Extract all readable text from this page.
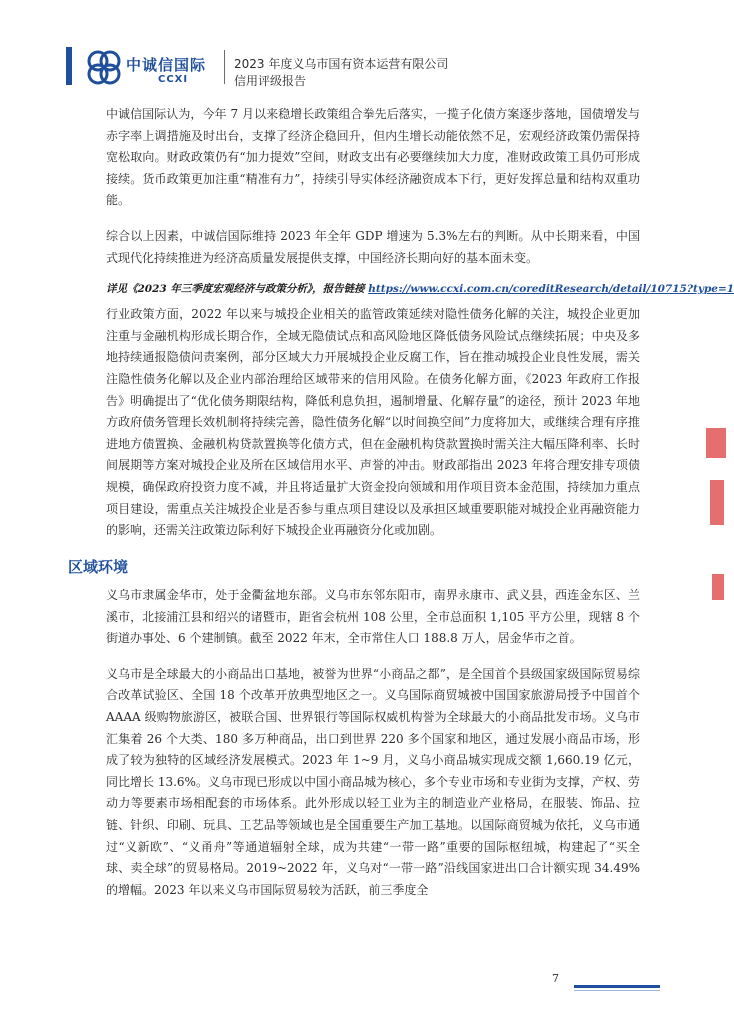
中诚信国际
CCXI
2023 年度义乌市国有资本运营有限公司
信用评级报告

中诚信国际认为，今年 7 月以来稳增长政策组合拳先后落实，一揽子化债方案逐步落地，国债增发与赤字率上调措施及时出台，支撑了经济企稳回升，但内生增长动能依然不足，宏观经济政策仍需保持宽松取向。财政政策仍有“加力提效”空间，财政支出有必要继续加大力度，准财政政策工具仍可形成接续。货币政策更加注重“精准有力”，持续引导实体经济融资成本下行，更好发挥总量和结构双重功能。

综合以上因素，中诚信国际维持 2023 年全年 GDP 增速为 5.3%左右的判断。从中长期来看，中国式现代化持续推进为经济高质量发展提供支撑，中国经济长期向好的基本面未变。

详见《2023 年三季度宏观经济与政策分析》，报告链接 https://www.ccxi.com.cn/coreditResearch/detail/10715?type=1

行业政策方面，2022 年以来与城投企业相关的监管政策延续对隐性债务化解的关注，城投企业更加注重与金融机构形成长期合作，全域无隐债试点和高风险地区降低债务风险试点继续拓展；中央及多地持续通报隐债问责案例，部分区域大力开展城投企业反腐工作，旨在推动城投企业良性发展，需关注隐性债务化解以及企业内部治理给区域带来的信用风险。在债务化解方面，《2023 年政府工作报告》明确提出了“优化债务期限结构，降低利息负担，遏制增量、化解存量”的途径，预计 2023 年地方政府债务管理长效机制将持续完善，隐性债务化解“以时间换空间”力度将加大，或继续合理有序推进地方债置换、金融机构贷款置换等化债方式，但在金融机构贷款置换时需关注大幅压降利率、长时间展期等方案对城投企业及所在区域信用水平、声誉的冲击。财政部指出 2023 年将合理安排专项债规模，确保政府投资力度不减，并且将适量扩大资金投向领域和用作项目资本金范围，持续加力重点项目建设，需重点关注城投企业是否参与重点项目建设以及承担区域重要职能对城投企业再融资能力的影响，还需关注政策边际利好下城投企业再融资分化或加剧。

区域环境

义乌市隶属金华市，处于金衢盆地东部。义乌市东邻东阳市，南界永康市、武义县，西连金东区、兰溪市，北接浦江县和绍兴的诸暨市，距省会杭州 108 公里，全市总面积 1,105 平方公里，现辖 8 个街道办事处、6 个建制镇。截至 2022 年末，全市常住人口 188.8 万人，居金华市之首。

义乌市是全球最大的小商品出口基地，被誉为世界“小商品之都”，是全国首个县级国家级国际贸易综合改革试验区、全国 18 个改革开放典型地区之一。义乌国际商贸城被中国国家旅游局授予中国首个 AAAA 级购物旅游区，被联合国、世界银行等国际权威机构誉为全球最大的小商品批发市场。义乌市汇集着 26 个大类、180 多万种商品，出口到世界 220 多个国家和地区，通过发展小商品市场，形成了较为独特的区域经济发展模式。2023 年 1~9 月，义乌小商品城实现成交额 1,660.19 亿元，同比增长 13.6%。义乌市现已形成以中国小商品城为核心，多个专业市场和专业街为支撑，产权、劳动力等要素市场相配套的市场体系。此外形成以轻工业为主的制造业产业格局，在服装、饰品、拉链、针织、印刷、玩具、工艺品等领域也是全国重要生产加工基地。以国际商贸城为依托，义乌市通过“义新欧”、“义甬舟”等通道辐射全球，成为共建“一带一路”重要的国际枢纽城，构建起了“买全球、卖全球”的贸易格局。2019~2022 年，义乌对“一带一路”沿线国家进出口合计额实现 34.49%的增幅。2023 年以来义乌市国际贸易较为活跃，前三季度全

7
